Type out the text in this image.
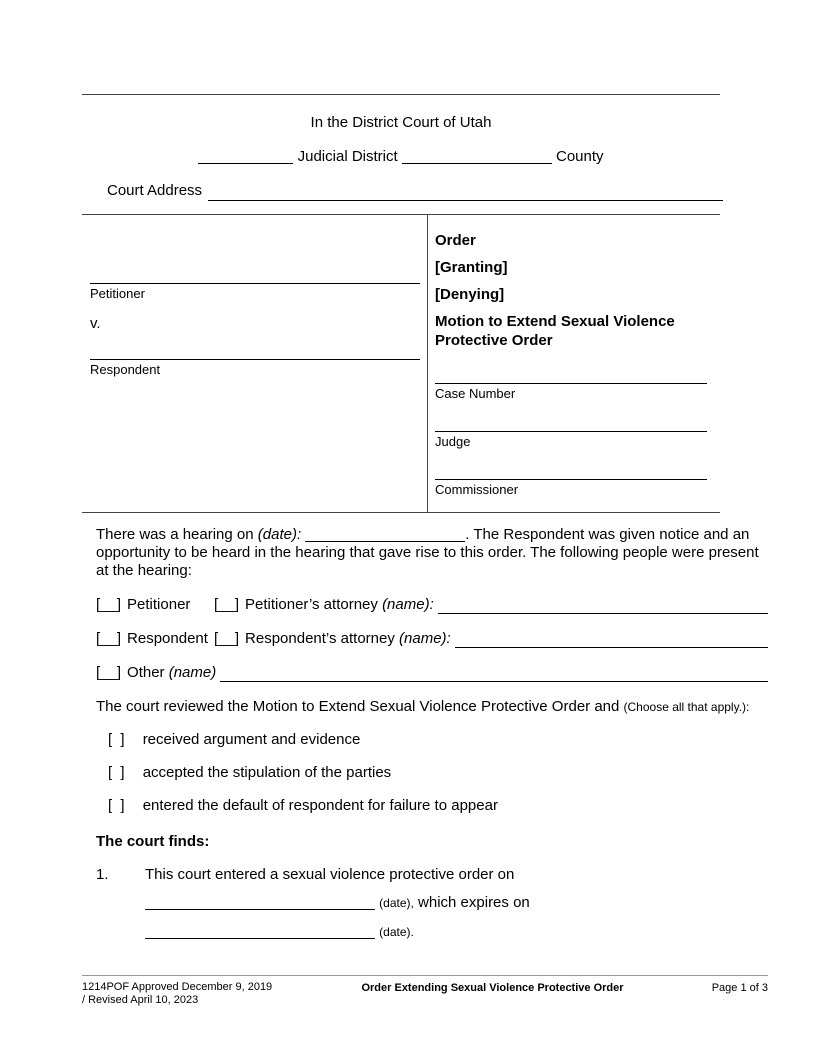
In the District Court of Utah
Judicial District	County
Court Address
Petitioner
v.
Respondent
Order
[Granting]
[Denying]
Motion to Extend Sexual Violence Protective Order
Case Number
Judge
Commissioner

There was a hearing on (date):	. The Respondent was given notice and an opportunity to be heard in the hearing that gave rise to this order. The following people were present at the hearing:

[__] Petitioner [__] Petitioner’s attorney (name):
[__] Respondent [__] Respondent’s attorney (name):
[__] Other (name)

The court reviewed the Motion to Extend Sexual Violence Protective Order and (Choose all that apply.):

[ ] received argument and evidence
[ ] accepted the stipulation of the parties
[ ] entered the default of respondent for failure to appear
The court finds:
1.	This court entered a sexual violence protective order on
(date), which expires on
(date).
1214POF Approved December 9, 2019
/ Revised April 10, 2023
Order Extending Sexual Violence Protective Order	Page 1 of 3
